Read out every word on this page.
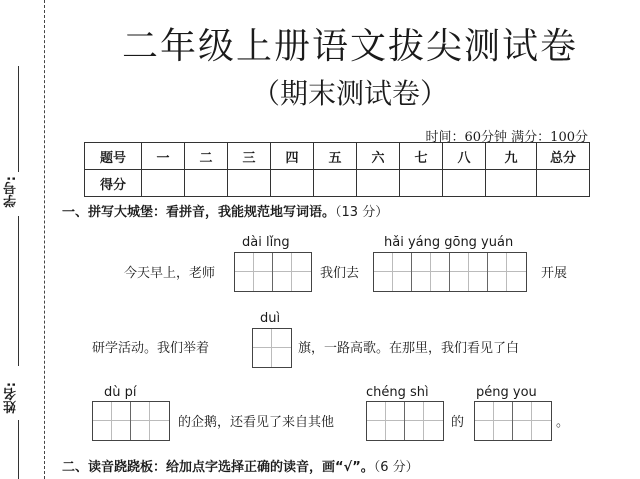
学号:
姓名:
二年级上册语文拔尖测试卷
（期末测试卷）
时间：60分钟 满分：100分
题号	一	二	三	四	五	六	七	八	九	总分
得分										
一、拼写大城堡：看拼音，我能规范地写词语。（13 分）
dài lǐng	hǎi yáng gōng yuán
今天早上，老师	我们去	开展
duì
研学活动。我们举着	旗，一路高歌。在那里，我们看见了白
dù pí	chéng shì	péng you
的企鹅，还看见了来自其他	的	。
二、读音跷跷板：给加点字选择正确的读音，画“√”。（6 分）
